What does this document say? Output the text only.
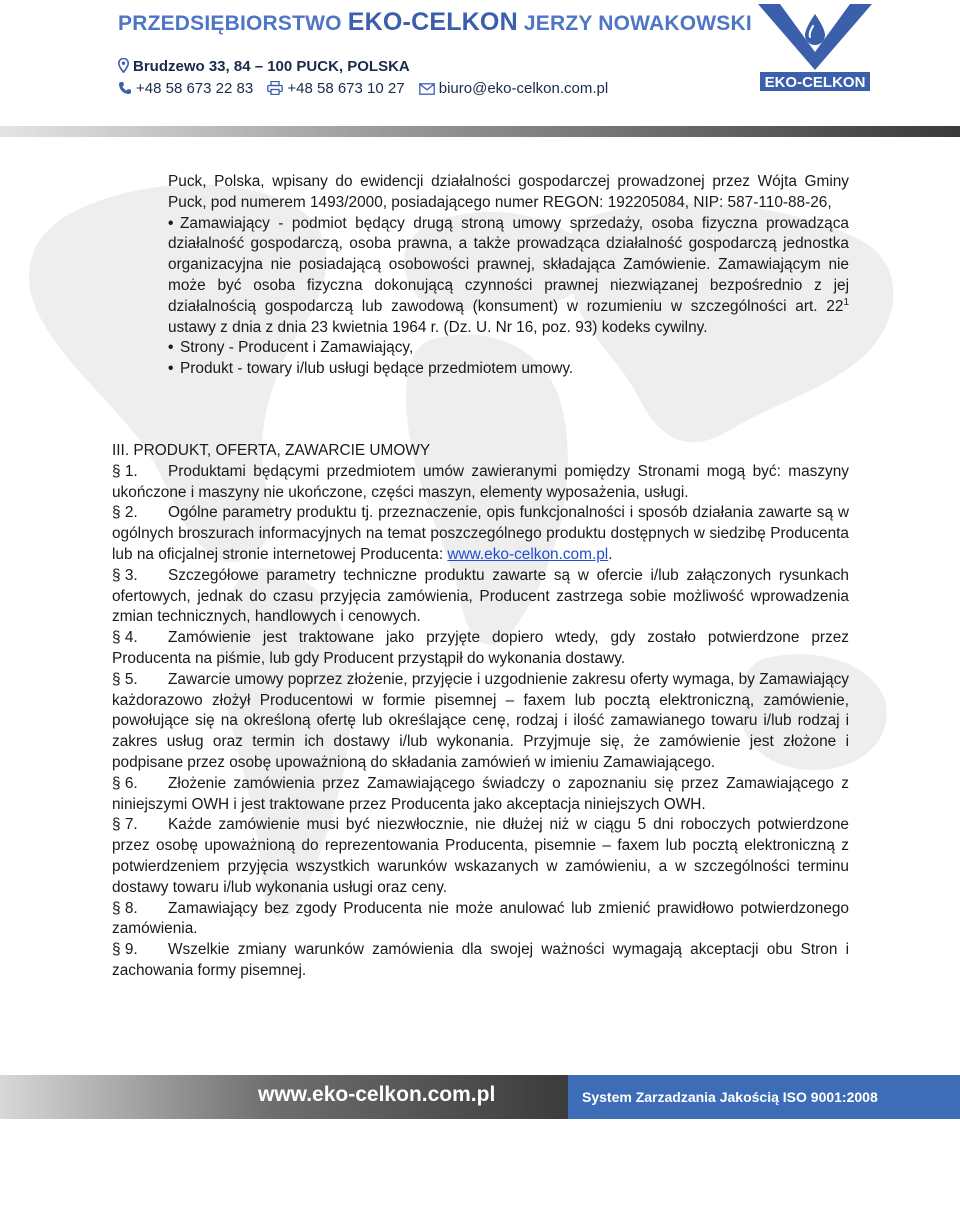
PRZEDSIĘBIORSTWO EKO-CELKON JERZY NOWAKOWSKI
Brudzewo 33, 84 – 100 PUCK, POLSKA
+48 58 673 22 83 +48 58 673 10 27 biuro@eko-celkon.com.pl	EKO-CELKON

Puck, Polska, wpisany do ewidencji działalności gospodarczej prowadzonej przez Wójta Gminy Puck, pod numerem 1493/2000, posiadającego numer REGON: 192205084, NIP: 587-110-88-26,

• Zamawiający - podmiot będący drugą stroną umowy sprzedaży, osoba fizyczna prowadząca działalność gospodarczą, osoba prawna, a także prowadząca działalność gospodarczą jednostka organizacyjna nie posiadającą osobowości prawnej, składająca Zamówienie. Zamawiającym nie może być osoba fizyczna dokonującą czynności prawnej niezwiązanej bezpośrednio z jej działalnością gospodarczą lub zawodową (konsument) w rozumieniu w szczególności art. $22^1$ ustawy z dnia z dnia 23 kwietnia 1964 r. (Dz. U. Nr 16, poz. 93) kodeks cywilny.

• Strony - Producent i Zamawiający,

• Produkt - towary i/lub usługi będące przedmiotem umowy.

III. PRODUKT, OFERTA, ZAWARCIE UMOWY

§ 1. Produktami będącymi przedmiotem umów zawieranymi pomiędzy Stronami mogą być: maszyny ukończone i maszyny nie ukończone, części maszyn, elementy wyposażenia, usługi.

§ 2. Ogólne parametry produktu tj. przeznaczenie, opis funkcjonalności i sposób działania zawarte są w ogólnych broszurach informacyjnych na temat poszczególnego produktu dostępnych w siedzibę Producenta lub na oficjalnej stronie internetowej Producenta: www.eko-celkon.com.pl.

§ 3. Szczegółowe parametry techniczne produktu zawarte są w ofercie i/lub załączonych rysunkach ofertowych, jednak do czasu przyjęcia zamówienia, Producent zastrzega sobie możliwość wprowadzenia zmian technicznych, handlowych i cenowych.

§ 4. Zamówienie jest traktowane jako przyjęte dopiero wtedy, gdy zostało potwierdzone przez Producenta na piśmie, lub gdy Producent przystąpił do wykonania dostawy.

§ 5. Zawarcie umowy poprzez złożenie, przyjęcie i uzgodnienie zakresu oferty wymaga, by Zamawiający każdorazowo złożył Producentowi w formie pisemnej – faxem lub pocztą elektroniczną, zamówienie, powołujące się na określoną ofertę lub określające cenę, rodzaj i ilość zamawianego towaru i/lub rodzaj i zakres usług oraz termin ich dostawy i/lub wykonania. Przyjmuje się, że zamówienie jest złożone i podpisane przez osobę upoważnioną do składania zamówień w imieniu Zamawiającego.

§ 6. Złożenie zamówienia przez Zamawiającego świadczy o zapoznaniu się przez Zamawiającego z niniejszymi OWH i jest traktowane przez Producenta jako akceptacja niniejszych OWH.

§ 7. Każde zamówienie musi być niezwłocznie, nie dłużej niż w ciągu 5 dni roboczych potwierdzone przez osobę upoważnioną do reprezentowania Producenta, pisemnie – faxem lub pocztą elektroniczną z potwierdzeniem przyjęcia wszystkich warunków wskazanych w zamówieniu, a w szczególności terminu dostawy towaru i/lub wykonania usługi oraz ceny.

§ 8. Zamawiający bez zgody Producenta nie może anulować lub zmienić prawidłowo potwierdzonego zamówienia.

§ 9. Wszelkie zmiany warunków zamówienia dla swojej ważności wymagają akceptacji obu Stron i zachowania formy pisemnej.

www.eko-celkon.com.pl	System Zarzadzania Jakością ISO 9001:2008
